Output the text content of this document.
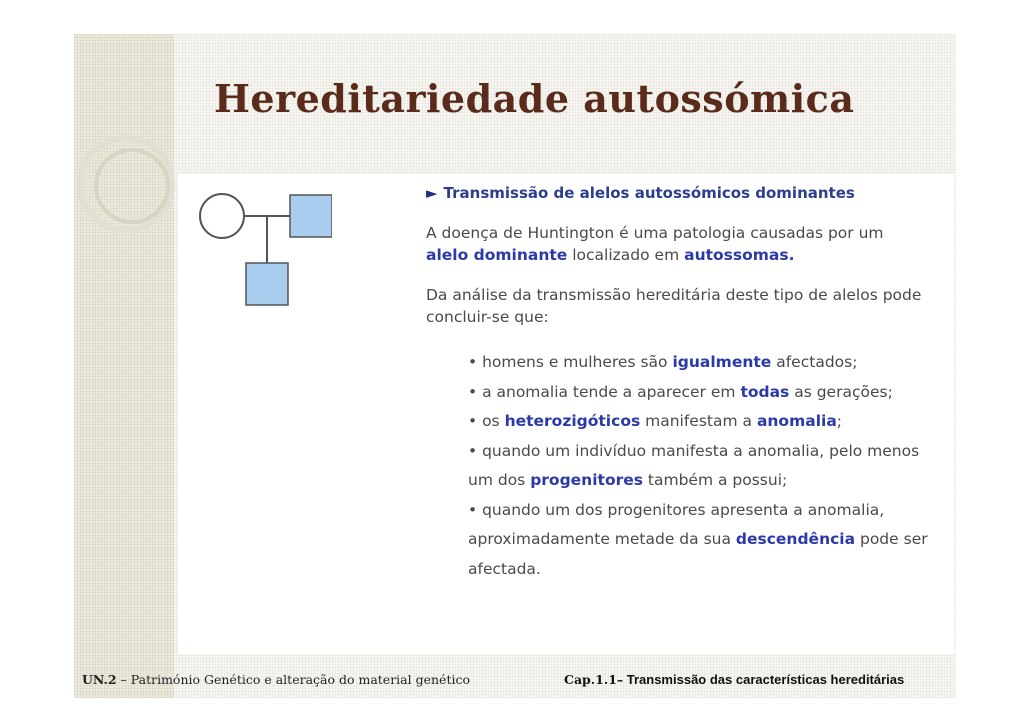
Hereditariedade autossómica
► Transmissão de alelos autossómicos dominantes
A doença de Huntington é uma patologia causadas por um
alelo dominante localizado em autossomas.
Da análise da transmissão hereditária deste tipo de alelos pode concluir-se que:
• homens e mulheres são igualmente afectados;
• a anomalia tende a aparecer em todas as gerações;
• os heterozigóticos manifestam a anomalia;
• quando um indivíduo manifesta a anomalia, pelo menos um dos progenitores também a possui;
• quando um dos progenitores apresenta a anomalia, aproximadamente metade da sua descendência pode ser afectada.
UN.2 – Património Genético e alteração do material genético	Cap.1.1– Transmissão das características hereditárias
